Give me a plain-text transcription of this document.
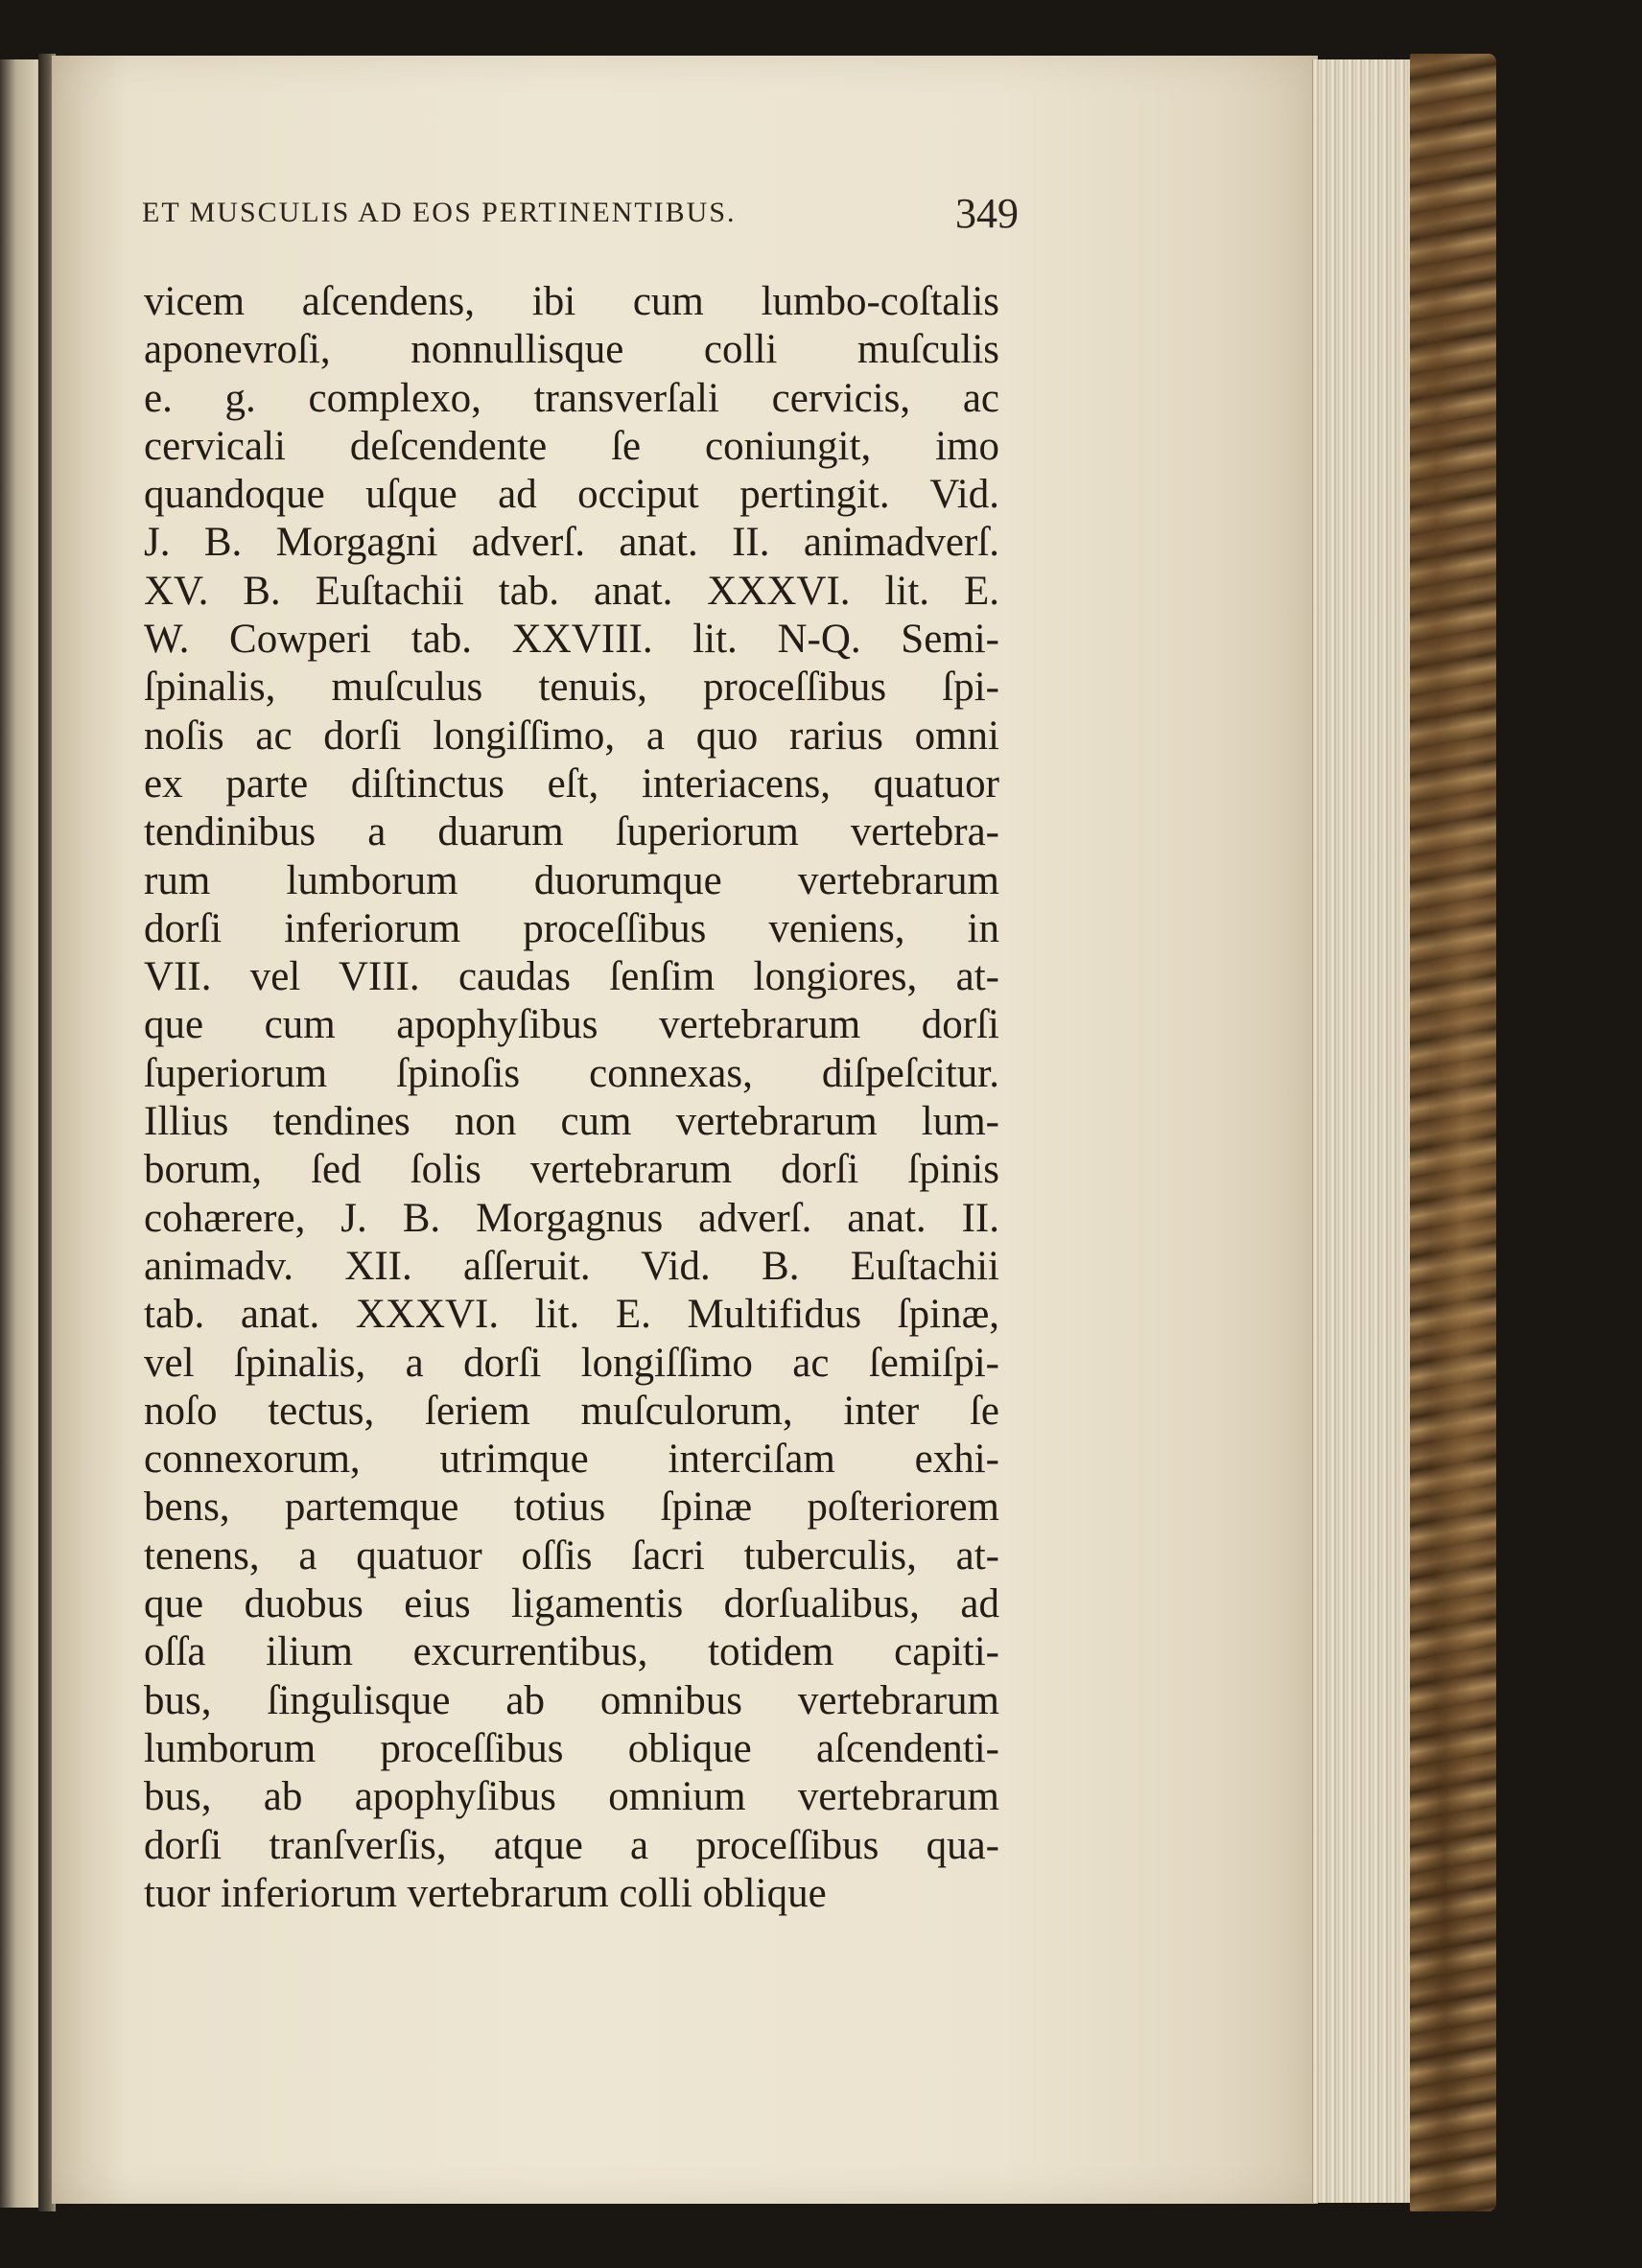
ET MUSCULIS AD EOS PERTINENTIBUS.	349
vicem aſcendens, ibi cum lumbo-coſtalis
aponevroſi, nonnullisque colli muſculis
e. g. complexo, transverſali cervicis, ac
cervicali deſcendente ſe coniungit, imo
quandoque uſque ad occiput pertingit. Vid.
J. B. Morgagni adverſ. anat. II. animadverſ.
XV. B. Euſtachii tab. anat. XXXVI. lit. E.
W. Cowperi tab. XXVIII. lit. N-Q. Semi-
ſpinalis, muſculus tenuis, proceſſibus ſpi-
noſis ac dorſi longiſſimo, a quo rarius omni
ex parte diſtinctus eſt, interiacens, quatuor
tendinibus a duarum ſuperiorum vertebra-
rum lumborum duorumque vertebrarum
dorſi inferiorum proceſſibus veniens, in
VII. vel VIII. caudas ſenſim longiores, at-
que cum apophyſibus vertebrarum dorſi
ſuperiorum ſpinoſis connexas, diſpeſcitur.
Illius tendines non cum vertebrarum lum-
borum, ſed ſolis vertebrarum dorſi ſpinis
cohærere, J. B. Morgagnus adverſ. anat. II.
animadv. XII. aſſeruit. Vid. B. Euſtachii
tab. anat. XXXVI. lit. E. Multifidus ſpinæ,
vel ſpinalis, a dorſi longiſſimo ac ſemiſpi-
noſo tectus, ſeriem muſculorum, inter ſe
connexorum, utrimque interciſam exhi-
bens, partemque totius ſpinæ poſteriorem
tenens, a quatuor oſſis ſacri tuberculis, at-
que duobus eius ligamentis dorſualibus, ad
oſſa ilium excurrentibus, totidem capiti-
bus, ſingulisque ab omnibus vertebrarum
lumborum proceſſibus oblique aſcendenti-
bus, ab apophyſibus omnium vertebrarum
dorſi tranſverſis, atque a proceſſibus qua-
tuor inferiorum vertebrarum colli oblique
